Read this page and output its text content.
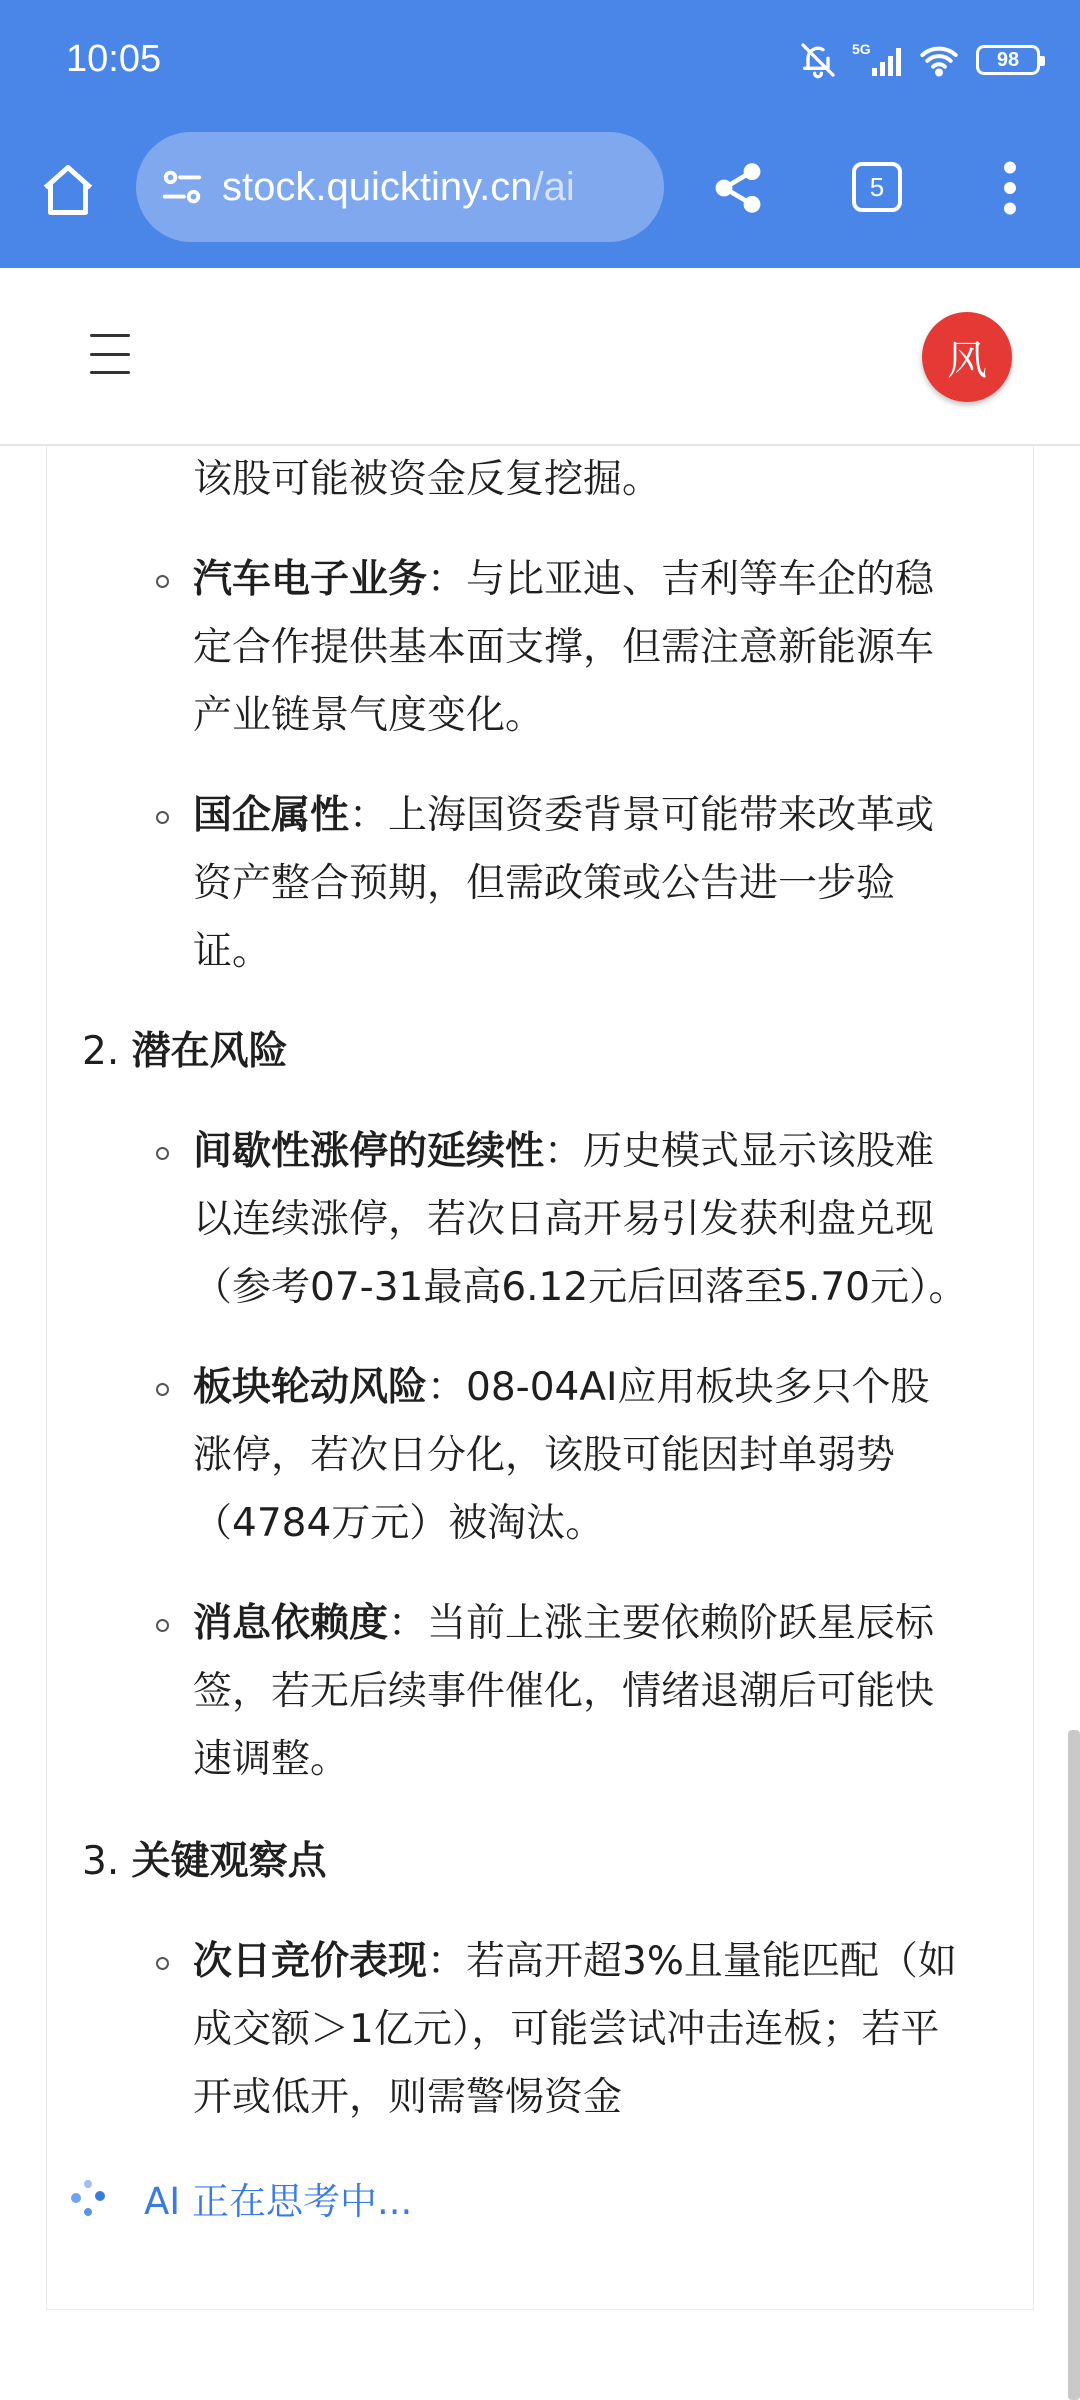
10:05	5G	98
stock.quicktiny.cn/ai	5
风
该股可能被资金反复挖掘。
汽车电子业务：与比亚迪、吉利等车企的稳
定合作提供基本面支撑，但需注意新能源车
产业链景气度变化。
国企属性：上海国资委背景可能带来改革或
资产整合预期，但需政策或公告进一步验
证。
2. 潜在风险
间歇性涨停的延续性：历史模式显示该股难
以连续涨停，若次日高开易引发获利盘兑现
（参考07-31最高6.12元后回落至5.70元）。
板块轮动风险：08-04AI应用板块多只个股
涨停，若次日分化，该股可能因封单弱势
（4784万元）被淘汰。
消息依赖度：当前上涨主要依赖阶跃星辰标
签，若无后续事件催化，情绪退潮后可能快
速调整。
3. 关键观察点
次日竞价表现：若高开超3%且量能匹配（如
成交额＞1亿元），可能尝试冲击连板；若平
开或低开，则需警惕资金
AI 正在思考中...
